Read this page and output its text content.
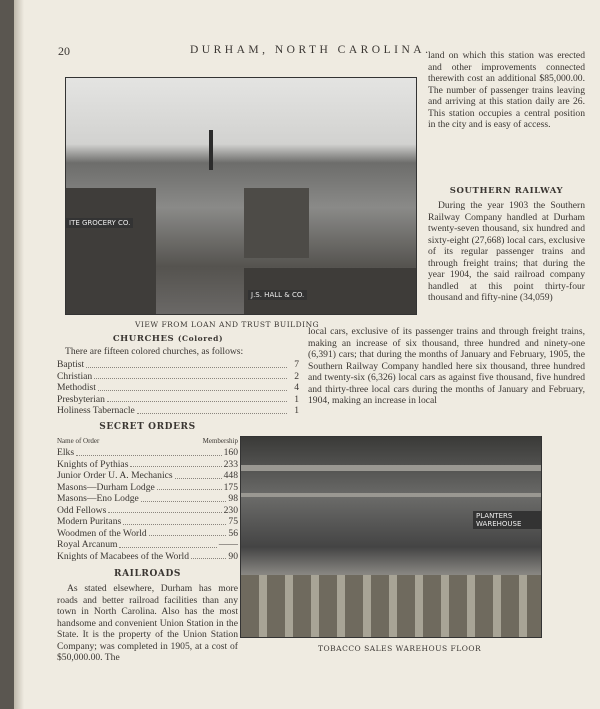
20	DURHAM, NORTH CAROLINA.
ITE GROCERY CO.
J.S. HALL & CO.
VIEW FROM LOAN AND TRUST BUILDING
CHURCHES (Colored)
There are fifteen colored churches, as follows:
Baptist	7
Christian	2
Methodist	4
Presbyterian	1
Holiness Tabernacle	1
SECRET ORDERS
Name of Order	Membership
Elks	160
Knights of Pythias	233
Junior Order U. A. Mechanics	448
Masons—Durham Lodge	175
Masons—Eno Lodge	98
Odd Fellows	230
Modern Puritans	75
Woodmen of the World	56
Royal Arcanum	——
Knights of Macabees of the World	90
RAILROADS
As stated elsewhere, Durham has more roads and better railroad facilities than any town in North Carolina. Also has the most handsome and convenient Union Station in the State. It is the property of the Union Station Company; was completed in 1905, at a cost of $50,000.00. The
land on which this station was erected and other improvements connected therewith cost an additional $85,000.00. The number of passenger trains leaving and arriving at this station daily are 26. This station occupies a central position in the city and is easy of access.
SOUTHERN RAILWAY
During the year 1903 the Southern Railway Company handled at Durham twenty-seven thousand, six hundred and sixty-eight (27,668) local cars, exclusive of its regular passenger trains and through freight trains; that during the year 1904, the said railroad company handled at this point thirty-four thousand and fifty-nine (34,059)
local cars, exclusive of its passenger trains and through freight trains, making an increase of six thousand, three hundred and ninety-one (6,391) cars; that during the months of January and February, 1905, the Southern Railway Company handled here six thousand, three hundred and twenty-six (6,326) local cars as against five thousand, five hundred and thirty-three local cars during the months of January and February, 1904, making an increase in local
PLANTERS WAREHOUSE
TOBACCO SALES WAREHOUS FLOOR
